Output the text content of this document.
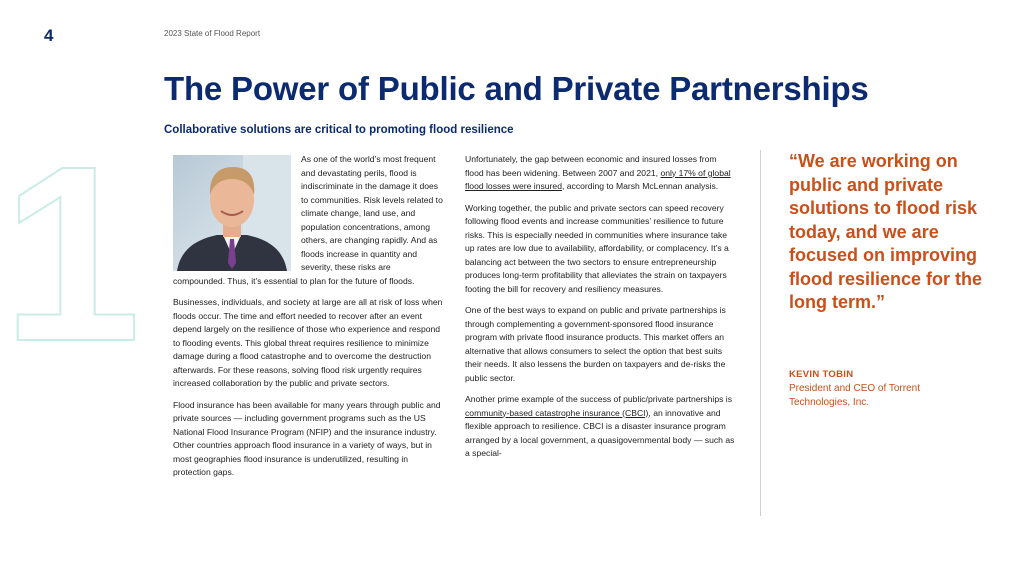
4	2023 State of Flood Report
1
The Power of Public and Private Partnerships
Collaborative solutions are critical to promoting flood resilience

As one of the world’s most frequent and devastating perils, flood is indiscriminate in the damage it does to communities. Risk levels related to climate change, land use, and population concentrations, among others, are changing rapidly. And as floods increase in quantity and severity, these risks are compounded. Thus, it’s essential to plan for the future of floods.

Businesses, individuals, and society at large are all at risk of loss when floods occur. The time and effort needed to recover after an event depend largely on the resilience of those who experience and respond to flooding events. This global threat requires resilience to minimize damage during a flood catastrophe and to overcome the destruction afterwards. For these reasons, solving flood risk urgently requires increased collaboration by the public and private sectors.

Flood insurance has been available for many years through public and private sources — including government programs such as the US National Flood Insurance Program (NFIP) and the insurance industry. Other countries approach flood insurance in a variety of ways, but in most geographies flood insurance is underutilized, resulting in protection gaps.

Unfortunately, the gap between economic and insured losses from flood has been widening. Between 2007 and 2021, only 17% of global flood losses were insured, according to Marsh McLennan analysis.

Working together, the public and private sectors can speed recovery following flood events and increase communities’ resilience to future risks. This is especially needed in communities where insurance take up rates are low due to availability, affordability, or complacency. It’s a balancing act between the two sectors to ensure entrepreneurship produces long-term profitability that alleviates the strain on taxpayers footing the bill for recovery and resiliency measures.

One of the best ways to expand on public and private partnerships is through complementing a government-sponsored flood insurance program with private flood insurance products. This market offers an alternative that allows consumers to select the option that best suits their needs. It also lessens the burden on taxpayers and de-risks the public sector.

Another prime example of the success of public/private partnerships is community-based catastrophe insurance (CBCI), an innovative and flexible approach to resilience. CBCI is a disaster insurance program arranged by a local government, a quasigovernmental body — such as a special-

“We are working on public and private solutions to flood risk today, and we are focused on improving flood resilience for the long term.”
KEVIN TOBIN
President and CEO of Torrent Technologies, Inc.
